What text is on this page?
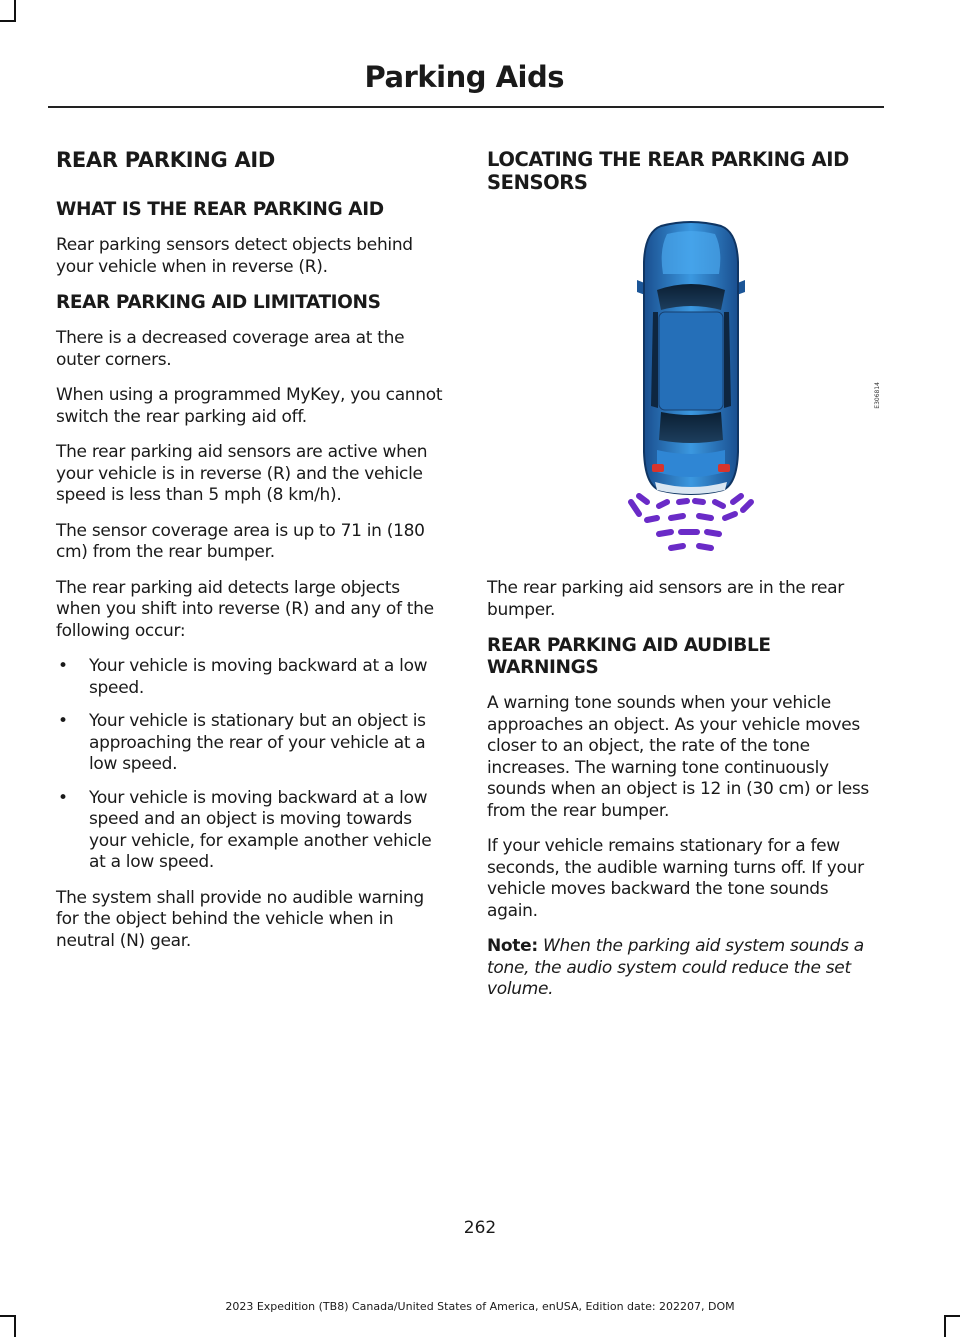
Parking Aids
REAR PARKING AID
WHAT IS THE REAR PARKING AID

Rear parking sensors detect objects behind your vehicle when in reverse (R).

REAR PARKING AID LIMITATIONS

There is a decreased coverage area at the outer corners.

When using a programmed MyKey, you cannot switch the rear parking aid off.

The rear parking aid sensors are active when your vehicle is in reverse (R) and the vehicle speed is less than 5 mph (8 km/h).

The sensor coverage area is up to 71 in (180 cm) from the rear bumper.

The rear parking aid detects large objects when you shift into reverse (R) and any of the following occur:

• Your vehicle is moving backward at a low speed.
• Your vehicle is stationary but an object is approaching the rear of your vehicle at a low speed.
• Your vehicle is moving backward at a low speed and an object is moving towards your vehicle, for example another vehicle at a low speed.

The system shall provide no audible warning for the object behind the vehicle when in neutral (N) gear.

LOCATING THE REAR PARKING AID SENSORS
E306814

The rear parking aid sensors are in the rear bumper.

REAR PARKING AID AUDIBLE WARNINGS

A warning tone sounds when your vehicle approaches an object. As your vehicle moves closer to an object, the rate of the tone increases. The warning tone continuously sounds when an object is 12 in (30 cm) or less from the rear bumper.

If your vehicle remains stationary for a few seconds, the audible warning turns off. If your vehicle moves backward the tone sounds again.

Note: When the parking aid system sounds a tone, the audio system could reduce the set volume.

262
2023 Expedition (TB8) Canada/United States of America, enUSA, Edition date: 202207, DOM
